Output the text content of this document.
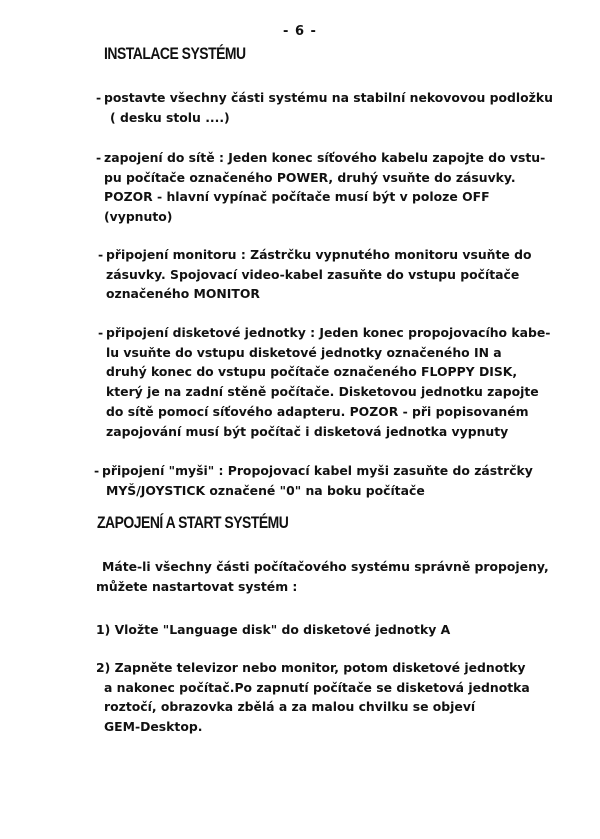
- 6 -
INSTALACE SYSTÉMU
- postavte všechny části systému na stabilní nekovovou podložku
( desku stolu ....)
- zapojení do sítě : Jeden konec síťového kabelu zapojte do vstu-
pu počítače označeného POWER, druhý vsuňte do zásuvky.
POZOR - hlavní vypínač počítače musí být v poloze OFF
(vypnuto)
- připojení monitoru : Zástrčku vypnutého monitoru vsuňte do
zásuvky. Spojovací video-kabel zasuňte do vstupu počítače
označeného MONITOR
- připojení disketové jednotky : Jeden konec propojovacího kabe-
lu vsuňte do vstupu disketové jednotky označeného IN a
druhý konec do vstupu počítače označeného FLOPPY DISK,
který je na zadní stěně počítače. Disketovou jednotku zapojte
do sítě pomocí síťového adapteru. POZOR - při popisovaném
zapojování musí být počítač i disketová jednotka vypnuty
- připojení "myši" : Propojovací kabel myši zasuňte do zástrčky
MYŠ/JOYSTICK označené "0" na boku počítače
ZAPOJENÍ A START SYSTÉMU
Máte-li všechny části počítačového systému správně propojeny,
můžete nastartovat systém :
1) Vložte "Language disk" do disketové jednotky A
2) Zapněte televizor nebo monitor, potom disketové jednotky
a nakonec počítač.Po zapnutí počítače se disketová jednotka
roztočí, obrazovka zbělá a za malou chvilku se objeví
GEM-Desktop.
